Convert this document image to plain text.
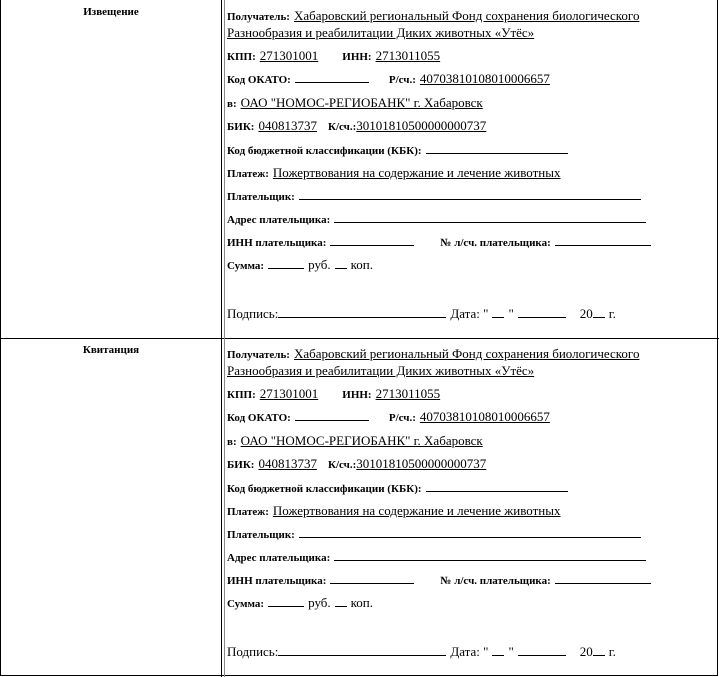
Извещение	Получатель: Хабаровский региональный Фонд сохранения биологического
Разнообразия и реабилитации Диких животных «Утёс»
КПП: 271301001 ИНН: 2713011055
Код ОКАТО:	Р/сч.: 40703810108010006657
в: ОАО "НОМОС-РЕГИОБАНК" г. Хабаровск
БИК: 040813737 К/сч.:30101810500000000737
Код бюджетной классификации (КБК):
Платеж: Пожертвования на содержание и лечение животных
Плательщик:
Адрес плательщика:
ИНН плательщика:	№ л/сч. плательщика:
Сумма:	руб. коп.
Подпись:	Дата: " "	20 г.
Квитанция	Получатель: Хабаровский региональный Фонд сохранения биологического
Разнообразия и реабилитации Диких животных «Утёс»
КПП: 271301001 ИНН: 2713011055
Код ОКАТО:	Р/сч.: 40703810108010006657
в: ОАО "НОМОС-РЕГИОБАНК" г. Хабаровск
БИК: 040813737 К/сч.:30101810500000000737
Код бюджетной классификации (КБК):
Платеж: Пожертвования на содержание и лечение животных
Плательщик:
Адрес плательщика:
ИНН плательщика:	№ л/сч. плательщика:
Сумма:	руб. коп.
Подпись:	Дата: " "	20 г.
